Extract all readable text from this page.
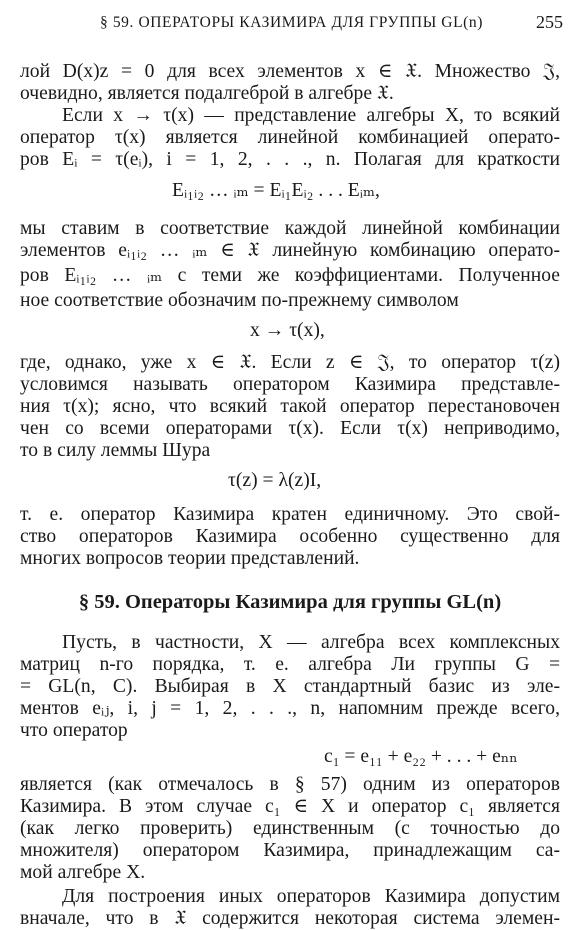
§ 59. ОПЕРАТОРЫ КАЗИМИРА ДЛЯ ГРУППЫ GL(n)	255
лой D(x)z = 0 для всех элементов x ∈ 𝔛. Множество 𝔍,
очевидно, является подалгеброй в алгебре 𝔛.
Если x → τ(x) — представление алгебры X, то всякий
оператор τ(x) является линейной комбинацией операто-
ров Eᵢ = τ(eᵢ), i = 1, 2, . . ., n. Полагая для краткости
Eᵢ₁ᵢ₂ … ᵢₘ = Eᵢ₁Eᵢ₂ . . . Eᵢₘ,
мы ставим в соответствие каждой линейной комбинации
элементов eᵢ₁ᵢ₂ … ᵢₘ ∈ 𝔛 линейную комбинацию операто-
ров Eᵢ₁ᵢ₂ … ᵢₘ с теми же коэффициентами. Полученное
ное соответствие обозначим по-прежнему символом
x → τ(x),
где, однако, уже x ∈ 𝔛. Если z ∈ 𝔍, то оператор τ(z)
условимся называть оператором Казимира представле-
ния τ(x); ясно, что всякий такой оператор перестановочен
чен со всеми операторами τ(x). Если τ(x) неприводимо,
то в силу леммы Шура
τ(z) = λ(z)I,
т. е. оператор Казимира кратен единичному. Это свой-
ство операторов Казимира особенно существенно для
многих вопросов теории представлений.
§ 59. Операторы Казимира для группы GL(n)
Пусть, в частности, X — алгебра всех комплексных
матриц n-го порядка, т. е. алгебра Ли группы G =
= GL(n, C). Выбирая в X стандартный базис из эле-
ментов eᵢⱼ, i, j = 1, 2, . . ., n, напомним прежде всего,
что оператор
c₁ = e₁₁ + e₂₂ + . . . + eₙₙ
является (как отмечалось в § 57) одним из операторов
Казимира. В этом случае c₁ ∈ X и оператор c₁ является
(как легко проверить) единственным (с точностью до
множителя) оператором Казимира, принадлежащим са-
мой алгебре X.
Для построения иных операторов Казимира допустим
вначале, что в 𝔛 содержится некоторая система элемен-
